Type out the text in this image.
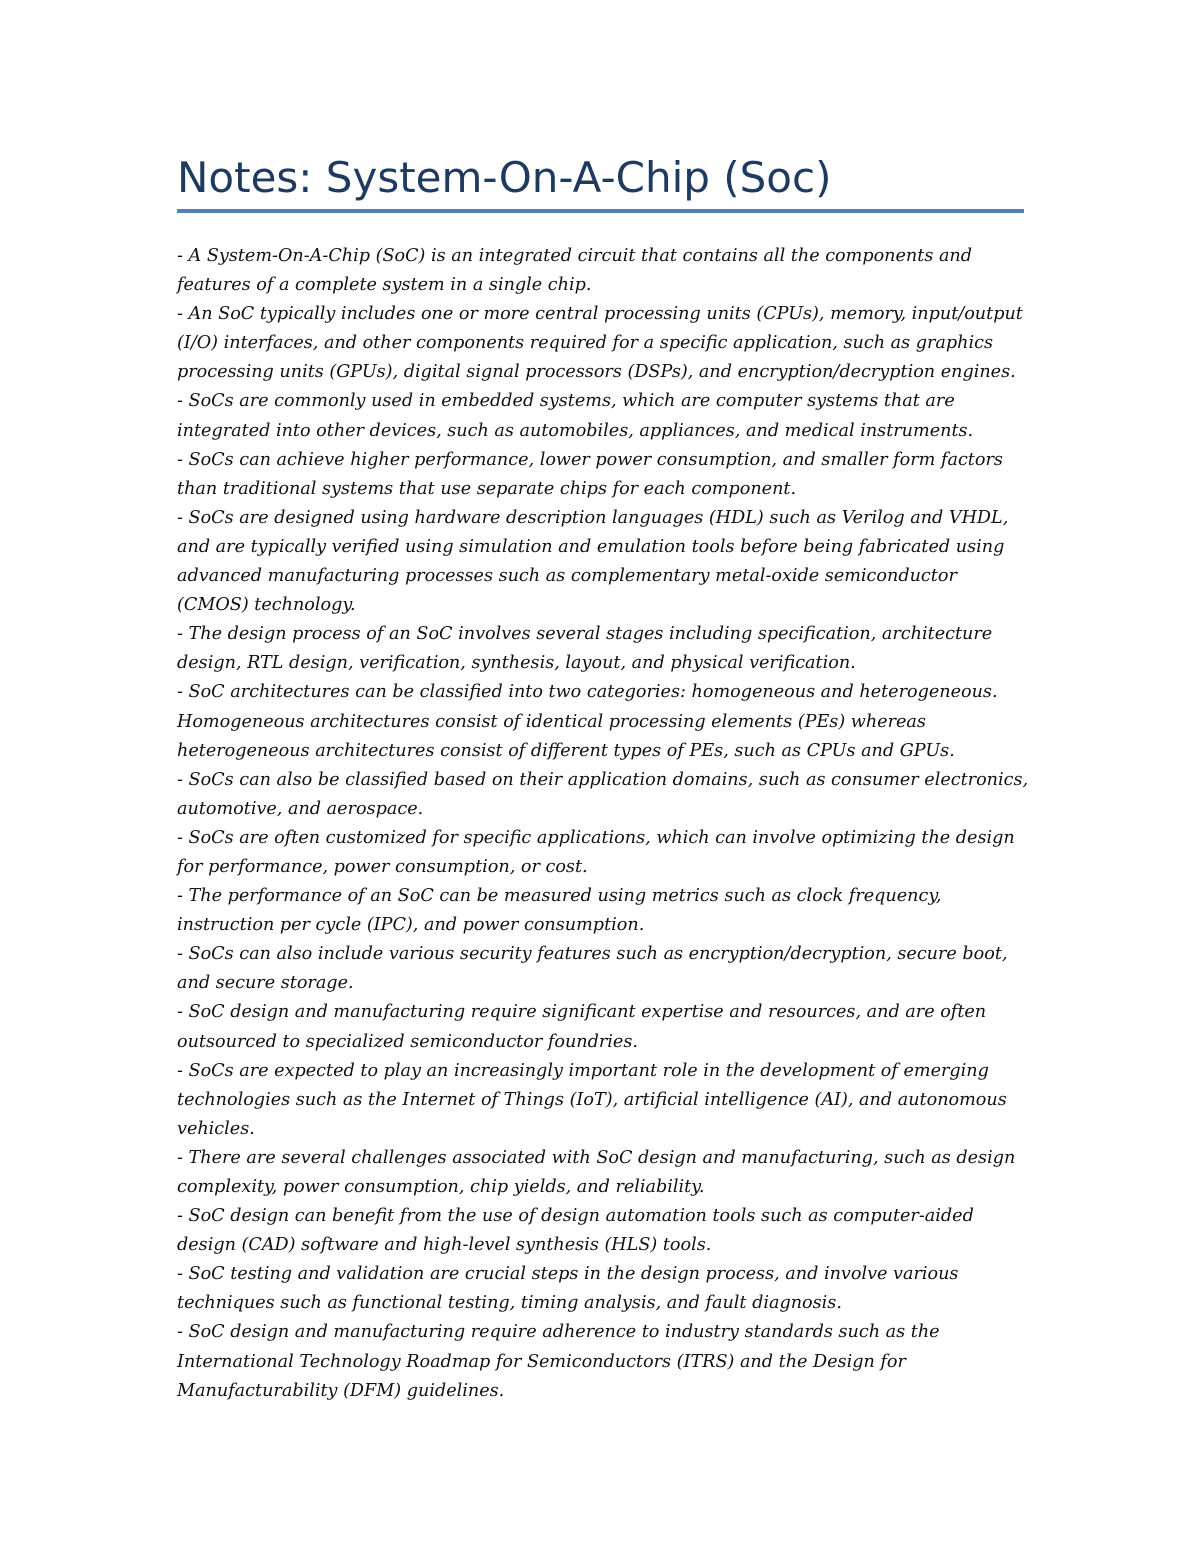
Notes: System-On-A-Chip (Soc)
- A System-On-A-Chip (SoC) is an integrated circuit that contains all the components and features of a complete system in a single chip.
- An SoC typically includes one or more central processing units (CPUs), memory, input/output (I/O) interfaces, and other components required for a specific application, such as graphics processing units (GPUs), digital signal processors (DSPs), and encryption/decryption engines.
- SoCs are commonly used in embedded systems, which are computer systems that are integrated into other devices, such as automobiles, appliances, and medical instruments.
- SoCs can achieve higher performance, lower power consumption, and smaller form factors than traditional systems that use separate chips for each component.
- SoCs are designed using hardware description languages (HDL) such as Verilog and VHDL, and are typically verified using simulation and emulation tools before being fabricated using advanced manufacturing processes such as complementary metal-oxide semiconductor (CMOS) technology.
- The design process of an SoC involves several stages including specification, architecture design, RTL design, verification, synthesis, layout, and physical verification.
- SoC architectures can be classified into two categories: homogeneous and heterogeneous. Homogeneous architectures consist of identical processing elements (PEs) whereas heterogeneous architectures consist of different types of PEs, such as CPUs and GPUs.
- SoCs can also be classified based on their application domains, such as consumer electronics, automotive, and aerospace.
- SoCs are often customized for specific applications, which can involve optimizing the design for performance, power consumption, or cost.
- The performance of an SoC can be measured using metrics such as clock frequency, instruction per cycle (IPC), and power consumption.
- SoCs can also include various security features such as encryption/decryption, secure boot, and secure storage.
- SoC design and manufacturing require significant expertise and resources, and are often outsourced to specialized semiconductor foundries.
- SoCs are expected to play an increasingly important role in the development of emerging technologies such as the Internet of Things (IoT), artificial intelligence (AI), and autonomous vehicles.
- There are several challenges associated with SoC design and manufacturing, such as design complexity, power consumption, chip yields, and reliability.
- SoC design can benefit from the use of design automation tools such as computer-aided design (CAD) software and high-level synthesis (HLS) tools.
- SoC testing and validation are crucial steps in the design process, and involve various techniques such as functional testing, timing analysis, and fault diagnosis.
- SoC design and manufacturing require adherence to industry standards such as the International Technology Roadmap for Semiconductors (ITRS) and the Design for Manufacturability (DFM) guidelines.
